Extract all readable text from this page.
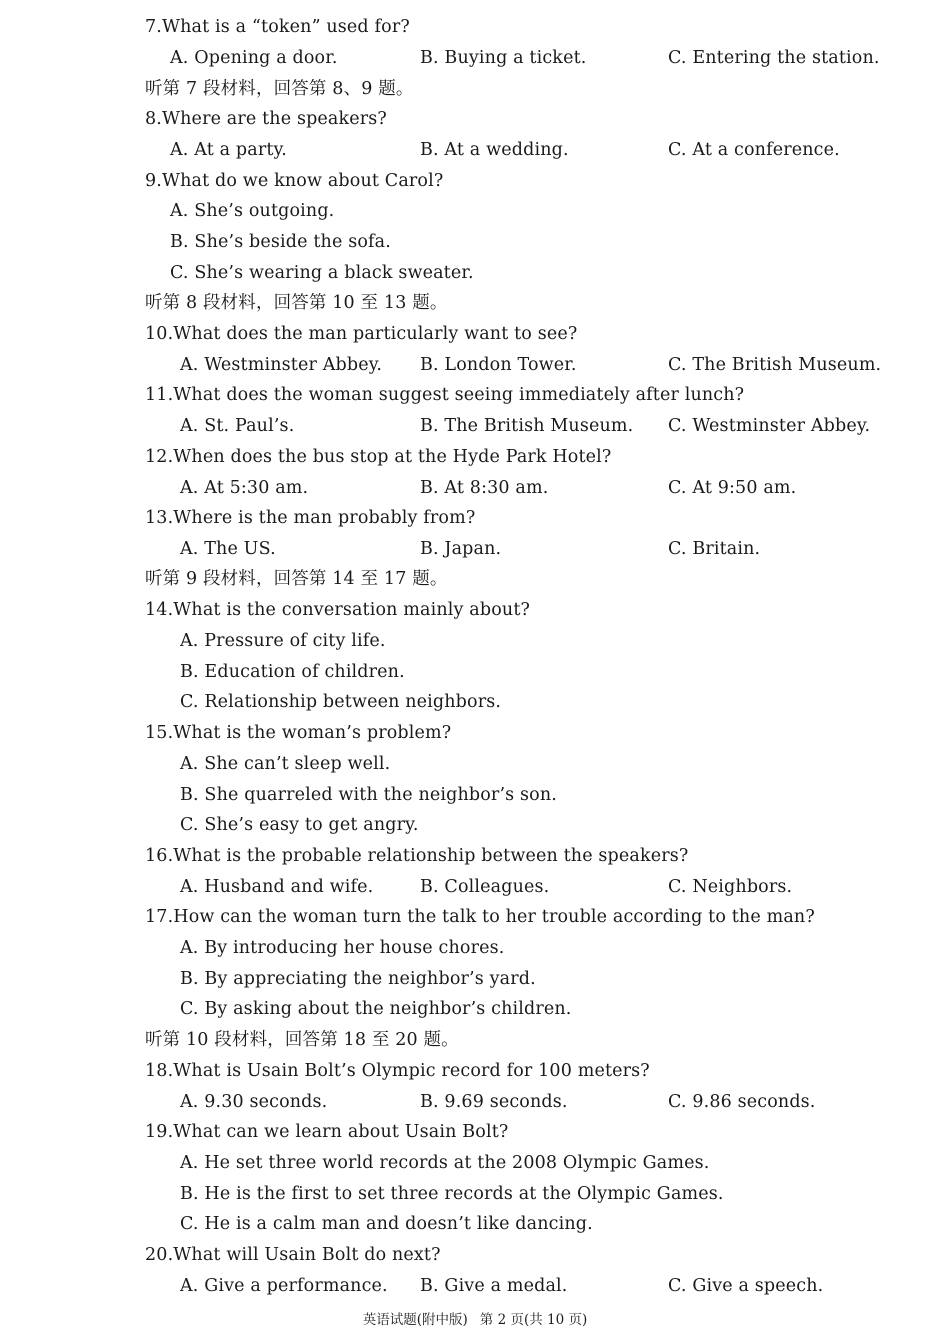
7.What is a “token” used for?
A. Opening a door.	B. Buying a ticket.	C. Entering the station.
听第 7 段材料，回答第 8、9 题。
8.Where are the speakers?
A. At a party.	B. At a wedding.	C. At a conference.
9.What do we know about Carol?
A. She’s outgoing.
B. She’s beside the sofa.
C. She’s wearing a black sweater.
听第 8 段材料，回答第 10 至 13 题。
10.What does the man particularly want to see?
A. Westminster Abbey. B. London Tower.	C. The British Museum.
11.What does the woman suggest seeing immediately after lunch?
A. St. Paul’s.	B. The British Museum. C. Westminster Abbey.
12.When does the bus stop at the Hyde Park Hotel?
A. At 5:30 am.	B. At 8:30 am.	C. At 9:50 am.
13.Where is the man probably from?
A. The US.	B. Japan.	C. Britain.
听第 9 段材料，回答第 14 至 17 题。
14.What is the conversation mainly about?
A. Pressure of city life.
B. Education of children.
C. Relationship between neighbors.
15.What is the woman’s problem?
A. She can’t sleep well.
B. She quarreled with the neighbor’s son.
C. She’s easy to get angry.
16.What is the probable relationship between the speakers?
A. Husband and wife.	B. Colleagues.	C. Neighbors.
17.How can the woman turn the talk to her trouble according to the man?
A. By introducing her house chores.
B. By appreciating the neighbor’s yard.
C. By asking about the neighbor’s children.
听第 10 段材料，回答第 18 至 20 题。
18.What is Usain Bolt’s Olympic record for 100 meters?
A. 9.30 seconds.	B. 9.69 seconds.	C. 9.86 seconds.
19.What can we learn about Usain Bolt?
A. He set three world records at the 2008 Olympic Games.
B. He is the first to set three records at the Olympic Games.
C. He is a calm man and doesn’t like dancing.
20.What will Usain Bolt do next?
A. Give a performance. B. Give a medal.	C. Give a speech.
英语试题(附中版) 第 2 页(共 10 页)
